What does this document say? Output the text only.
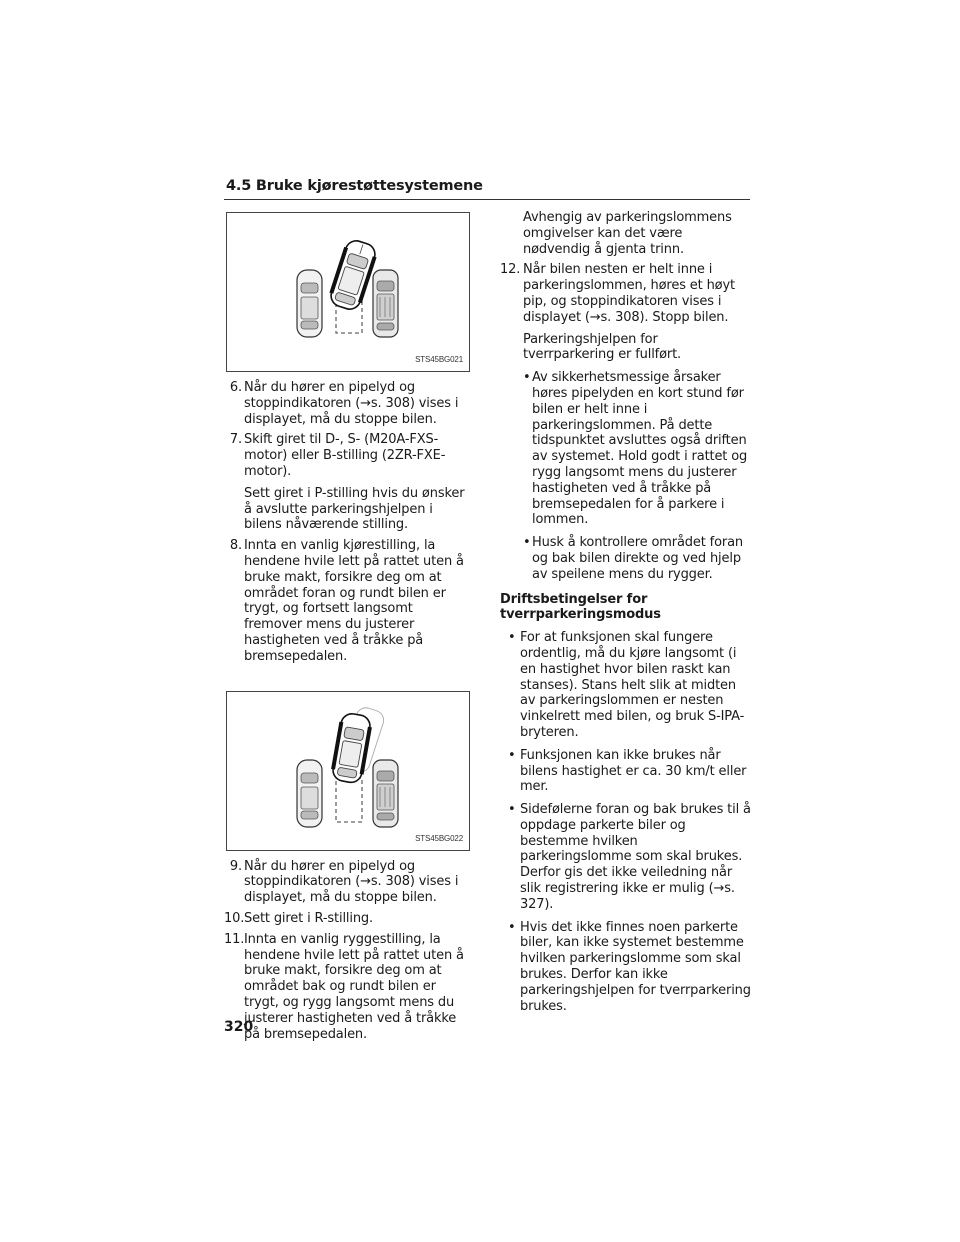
4.5 Bruke kjørestøttesystemene
STS45BG021
6. Når du hører en pipelyd og stoppindikatoren (→s. 308) vises i displayet, må du stoppe bilen.

7. Skift giret til D-, S- (M20A-FXS-motor) eller B-stilling (2ZR-FXE-motor).

Sett giret i P-stilling hvis du ønsker å avslutte parkeringshjelpen i bilens nåværende stilling.

8. Innta en vanlig kjørestilling, la hendene hvile lett på rattet uten å bruke makt, forsikre deg om at området foran og rundt bilen er trygt, og fortsett langsomt fremover mens du justerer hastigheten ved å tråkke på bremsepedalen.

STS45BG022
9. Når du hører en pipelyd og stoppindikatoren (→s. 308) vises i displayet, må du stoppe bilen.

10. Sett giret i R-stilling.

11. Innta en vanlig ryggestilling, la hendene hvile lett på rattet uten å bruke makt, forsikre deg om at området bak og rundt bilen er trygt, og rygg langsomt mens du justerer hastigheten ved å tråkke på bremsepedalen.

Avhengig av parkeringslommens omgivelser kan det være nødvendig å gjenta trinn.

12. Når bilen nesten er helt inne i parkeringslommen, høres et høyt pip, og stoppindikatoren vises i displayet (→s. 308). Stopp bilen.

Parkeringshjelpen for tverrparkering er fullført.

• Av sikkerhetsmessige årsaker høres pipelyden en kort stund før bilen er helt inne i parkeringslommen. På dette tidspunktet avsluttes også driften av systemet. Hold godt i rattet og rygg langsomt mens du justerer hastigheten ved å tråkke på bremsepedalen for å parkere i lommen.

• Husk å kontrollere området foran og bak bilen direkte og ved hjelp av speilene mens du rygger.

Driftsbetingelser for tverrparkeringsmodus
• For at funksjonen skal fungere ordentlig, må du kjøre langsomt (i en hastighet hvor bilen raskt kan stanses). Stans helt slik at midten av parkeringslommen er nesten vinkelrett med bilen, og bruk S-IPA-bryteren.

• Funksjonen kan ikke brukes når bilens hastighet er ca. 30 km/t eller mer.

• Sidefølerne foran og bak brukes til å oppdage parkerte biler og bestemme hvilken parkeringslomme som skal brukes. Derfor gis det ikke veiledning når slik registrering ikke er mulig (→s. 327).

• Hvis det ikke finnes noen parkerte biler, kan ikke systemet bestemme hvilken parkeringslomme som skal brukes. Derfor kan ikke parkeringshjelpen for tverrparkering brukes.

320
